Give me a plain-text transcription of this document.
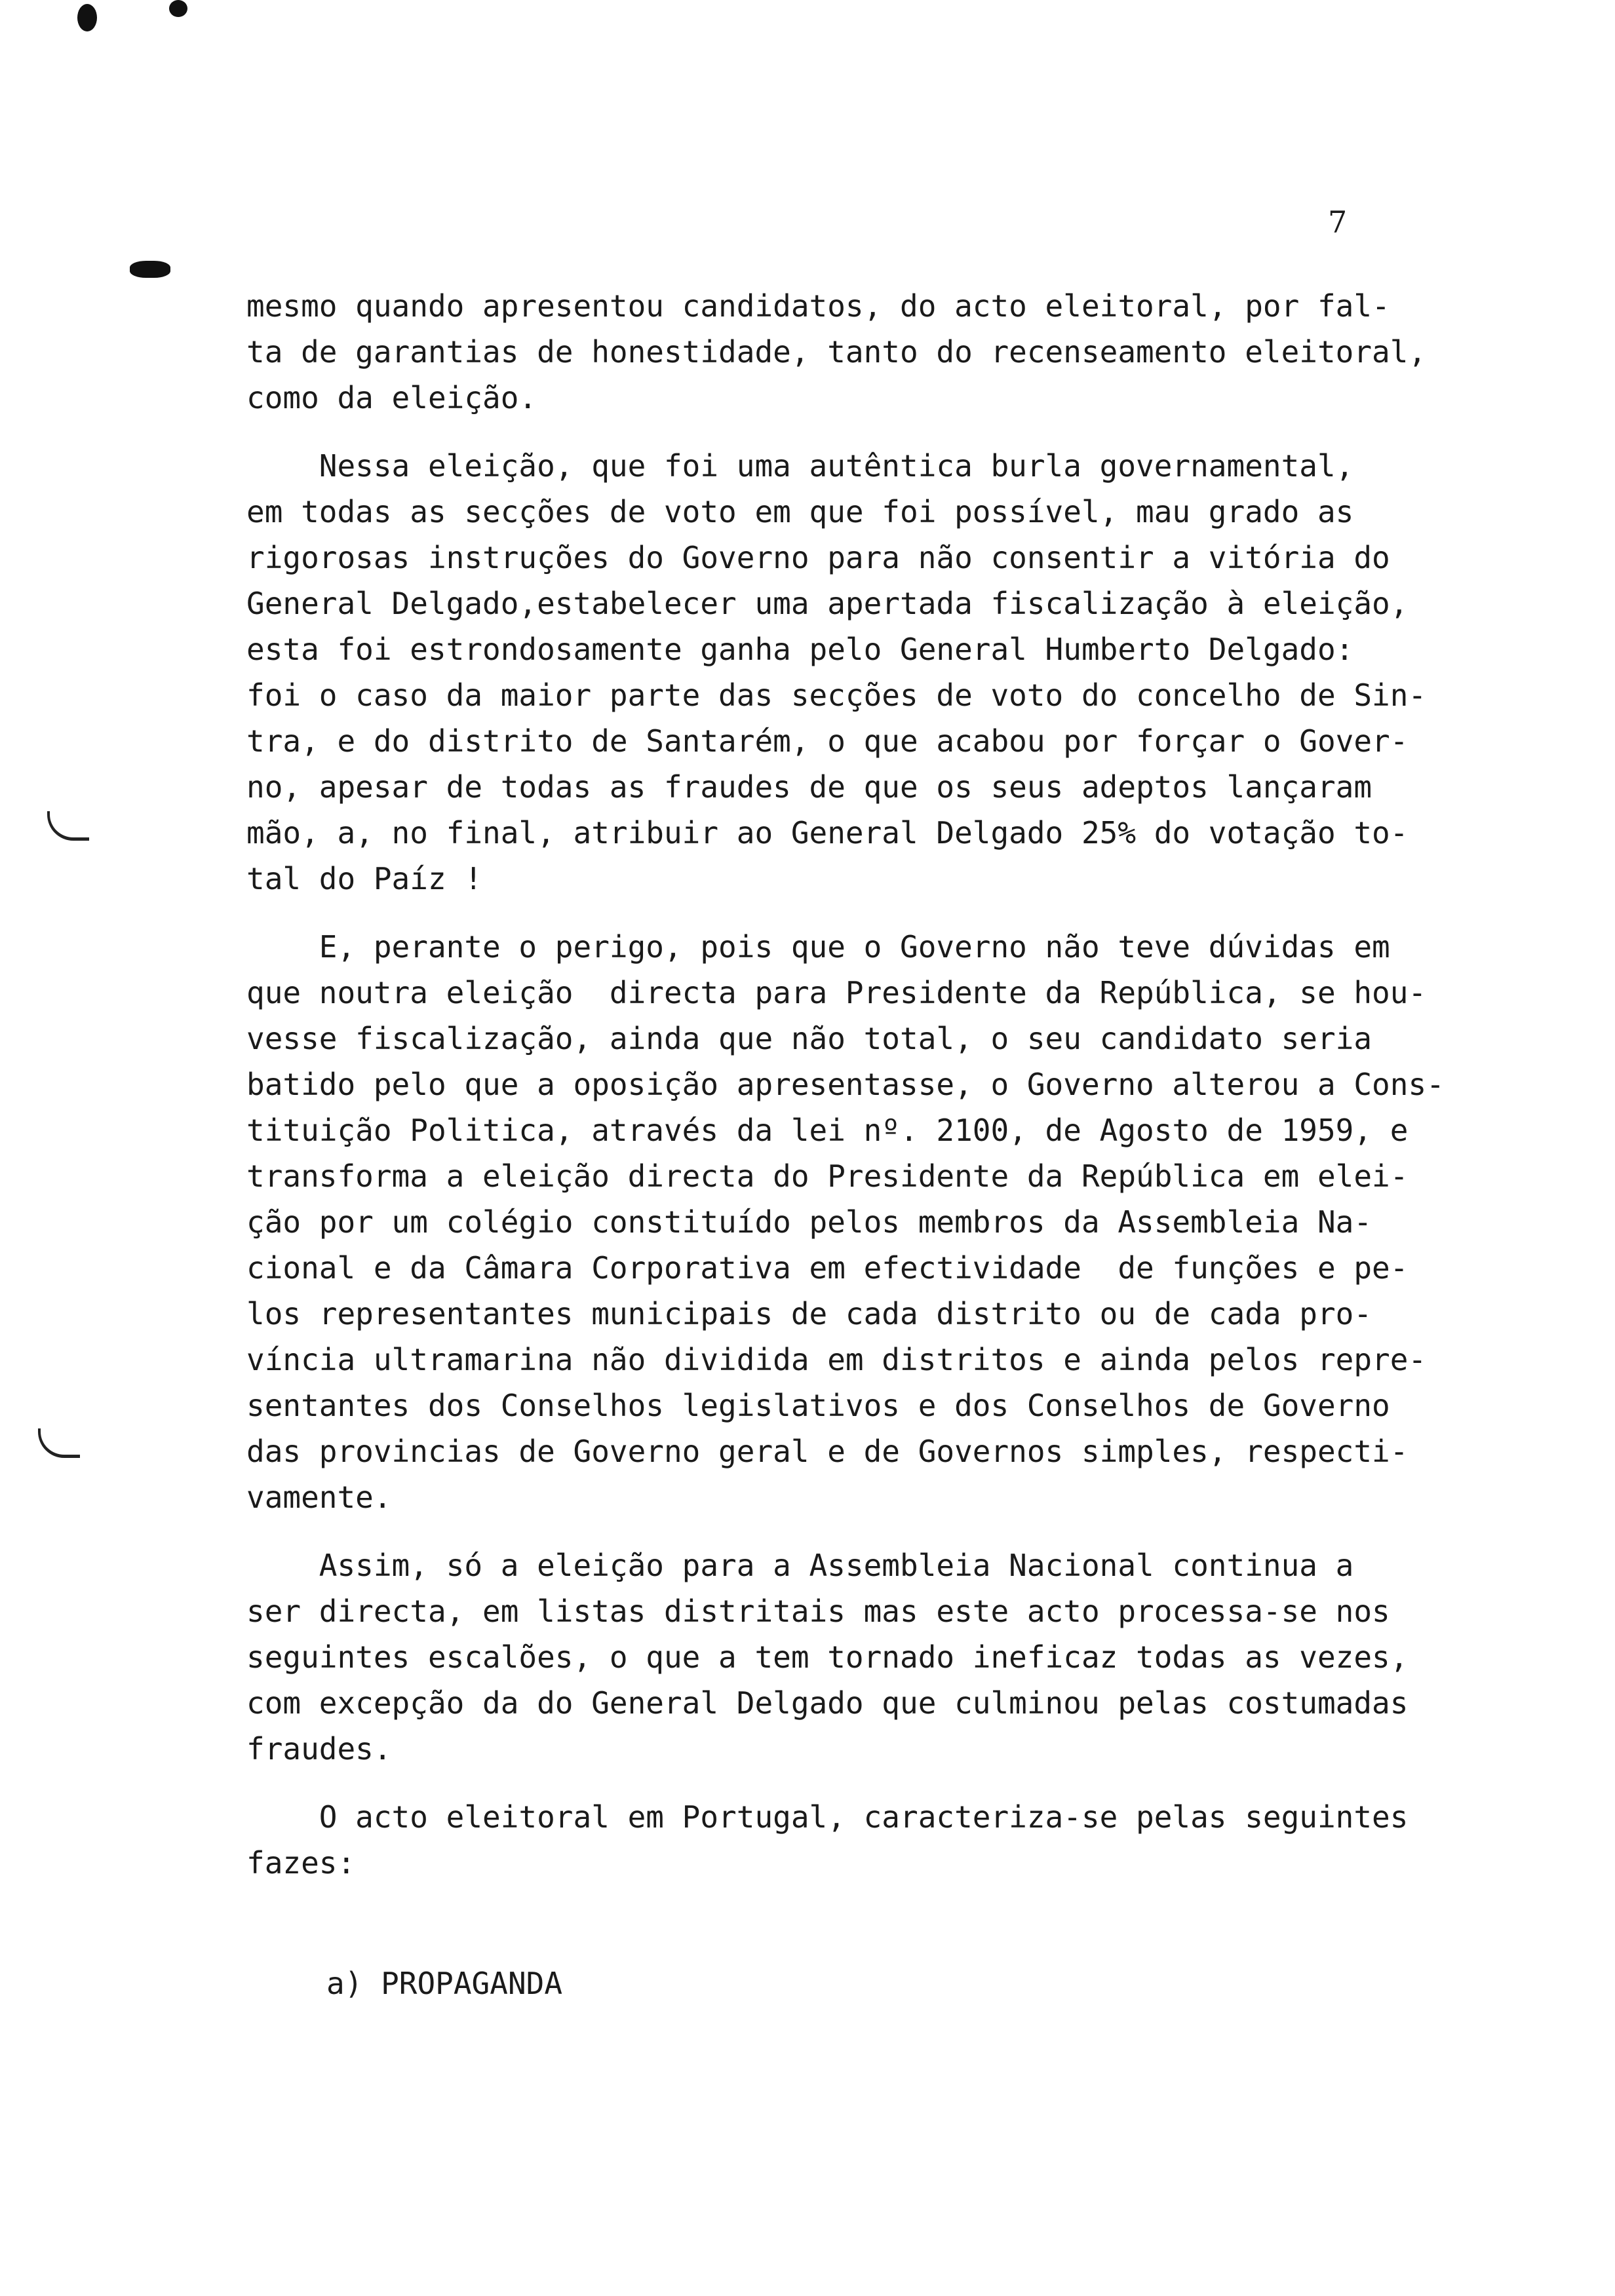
7

mesmo quando apresentou candidatos, do acto eleitoral, por fal-
ta de garantias de honestidade, tanto do recenseamento eleitoral,
como da eleição.

Nessa eleição, que foi uma autêntica burla governamental,
em todas as secções de voto em que foi possível, mau grado as
rigorosas instruções do Governo para não consentir a vitória do
General Delgado,estabelecer uma apertada fiscalização à eleição,
esta foi estrondosamente ganha pelo General Humberto Delgado:
foi o caso da maior parte das secções de voto do concelho de Sin-
tra, e do distrito de Santarém, o que acabou por forçar o Gover-
no, apesar de todas as fraudes de que os seus adeptos lançaram
mão, a, no final, atribuir ao General Delgado 25% do votação to-
tal do Paíz !

E, perante o perigo, pois que o Governo não teve dúvidas em
que noutra eleição  directa para Presidente da República, se hou-
vesse fiscalização, ainda que não total, o seu candidato seria
batido pelo que a oposição apresentasse, o Governo alterou a Cons-
tituição Politica, através da lei nº. 2100, de Agosto de 1959, e
transforma a eleição directa do Presidente da República em elei-
ção por um colégio constituído pelos membros da Assembleia Na-
cional e da Câmara Corporativa em efectividade  de funções e pe-
los representantes municipais de cada distrito ou de cada pro-
víncia ultramarina não dividida em distritos e ainda pelos repre-
sentantes dos Conselhos legislativos e dos Conselhos de Governo
das provincias de Governo geral e de Governos simples, respecti-
vamente.

Assim, só a eleição para a Assembleia Nacional continua a
ser directa, em listas distritais mas este acto processa-se nos
seguintes escalões, o que a tem tornado ineficaz todas as vezes,
com excepção da do General Delgado que culminou pelas costumadas
fraudes.

O acto eleitoral em Portugal, caracteriza-se pelas seguintes
fazes:

a) PROPAGANDA
